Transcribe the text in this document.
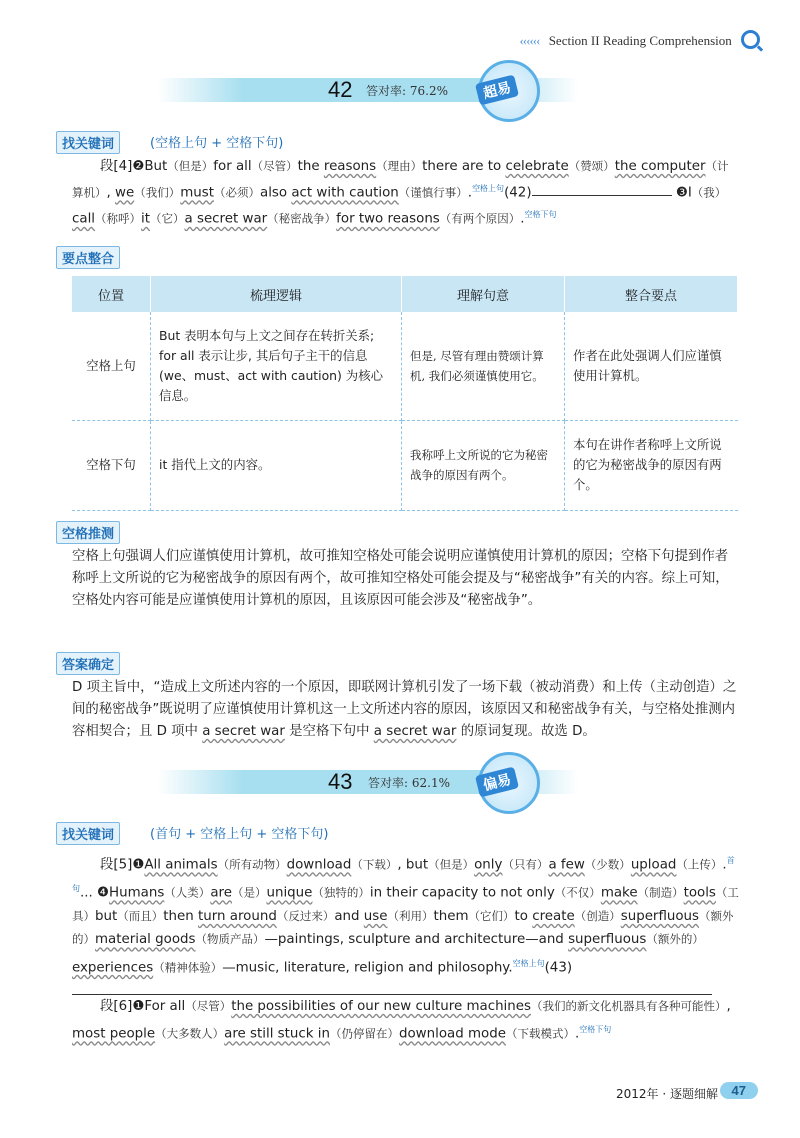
‹‹‹‹‹‹ Section II Reading Comprehension
42 答对率: 76.2%	超易
找关键词	(空格上句 + 空格下句)
段[4]❷But（但是）for all（尽管）the reasons（理由）there are to celebrate（赞颂）the computer（计算机）, we（我们）must（必须）also act with caution（谨慎行事）.$^{空格上句}$(42)	❸I（我）call（称呼）it（它）a secret war（秘密战争）for two reasons（有两个原因）.$^{空格下句}$
要点整合
位置	梳理逻辑	理解句意	整合要点
空格上句	But 表明本句与上文之间存在转折关系; for all 表示让步, 其后句子主干的信息 (we、must、act with caution) 为核心信息。	但是, 尽管有理由赞颂计算机, 我们必须谨慎使用它。	作者在此处强调人们应谨慎使用计算机。
空格下句	it 指代上文的内容。	我称呼上文所说的它为秘密战争的原因有两个。	本句在讲作者称呼上文所说的它为秘密战争的原因有两个。
空格推测
空格上句强调人们应谨慎使用计算机，故可推知空格处可能会说明应谨慎使用计算机的原因；空格下句提到作者称呼上文所说的它为秘密战争的原因有两个，故可推知空格处可能会提及与“秘密战争”有关的内容。综上可知，空格处内容可能是应谨慎使用计算机的原因，且该原因可能会涉及“秘密战争”。
答案确定
D 项主旨中，“造成上文所述内容的一个原因，即联网计算机引发了一场下载（被动消费）和上传（主动创造）之间的秘密战争”既说明了应谨慎使用计算机这一上文所述内容的原因，该原因又和秘密战争有关，与空格处推测内容相契合；且 D 项中 a secret war 是空格下句中 a secret war 的原词复现。故选 D。
43 答对率: 62.1%	偏易
找关键词	(首句 + 空格上句 + 空格下句)
段[5]❶All animals（所有动物）download（下载）, but（但是）only（只有）a few（少数）upload（上传）.$^{首句}$... ❹Humans（人类）are（是）unique（独特的）in their capacity to not only（不仅）make（制造）tools（工具）but（而且）then turn around（反过来）and use（利用）them（它们）to create（创造）superfluous（额外的）material goods（物质产品）—paintings, sculpture and architecture—and superfluous（额外的）experiences（精神体验）—music, literature, religion and philosophy.$^{空格上句}$(43)
段[6]❶For all（尽管）the possibilities of our new culture machines（我们的新文化机器具有各种可能性）, most people（大多数人）are still stuck in（仍停留在）download mode（下载模式）.$^{空格下句}$
2012年 · 逐题细解	47
